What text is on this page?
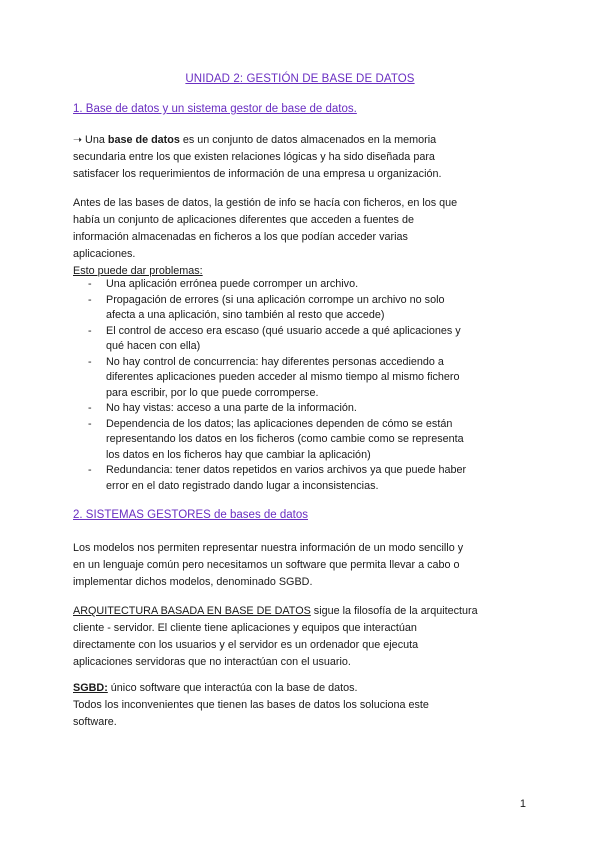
UNIDAD 2: GESTIÓN DE BASE DE DATOS
1. Base de datos y un sistema gestor de base de datos.

➝ Una base de datos es un conjunto de datos almacenados en la memoria
secundaria entre los que existen relaciones lógicas y ha sido diseñada para
satisfacer los requerimientos de información de una empresa u organización.

Antes de las bases de datos, la gestión de info se hacía con ficheros, en los que
había un conjunto de aplicaciones diferentes que acceden a fuentes de
información almacenadas en ficheros a los que podían acceder varias
aplicaciones.
Esto puede dar problemas:

- Una aplicación errónea puede corromper un archivo.
- Propagación de errores (si una aplicación corrompe un archivo no solo
afecta a una aplicación, sino también al resto que accede)
- El control de acceso era escaso (qué usuario accede a qué aplicaciones y
qué hacen con ella)
- No hay control de concurrencia: hay diferentes personas accediendo a
diferentes aplicaciones pueden acceder al mismo tiempo al mismo fichero
para escribir, por lo que puede corromperse.
- No hay vistas: acceso a una parte de la información.
- Dependencia de los datos; las aplicaciones dependen de cómo se están
representando los datos en los ficheros (como cambie como se representa
los datos en los ficheros hay que cambiar la aplicación)
- Redundancia: tener datos repetidos en varios archivos ya que puede haber
error en el dato registrado dando lugar a inconsistencias.
2. SISTEMAS GESTORES de bases de datos

Los modelos nos permiten representar nuestra información de un modo sencillo y
en un lenguaje común pero necesitamos un software que permita llevar a cabo o
implementar dichos modelos, denominado SGBD.

ARQUITECTURA BASADA EN BASE DE DATOS sigue la filosofía de la arquitectura
cliente - servidor. El cliente tiene aplicaciones y equipos que interactúan
directamente con los usuarios y el servidor es un ordenador que ejecuta
aplicaciones servidoras que no interactúan con el usuario.

SGBD: único software que interactúa con la base de datos.
Todos los inconvenientes que tienen las bases de datos los soluciona este
software.

1
